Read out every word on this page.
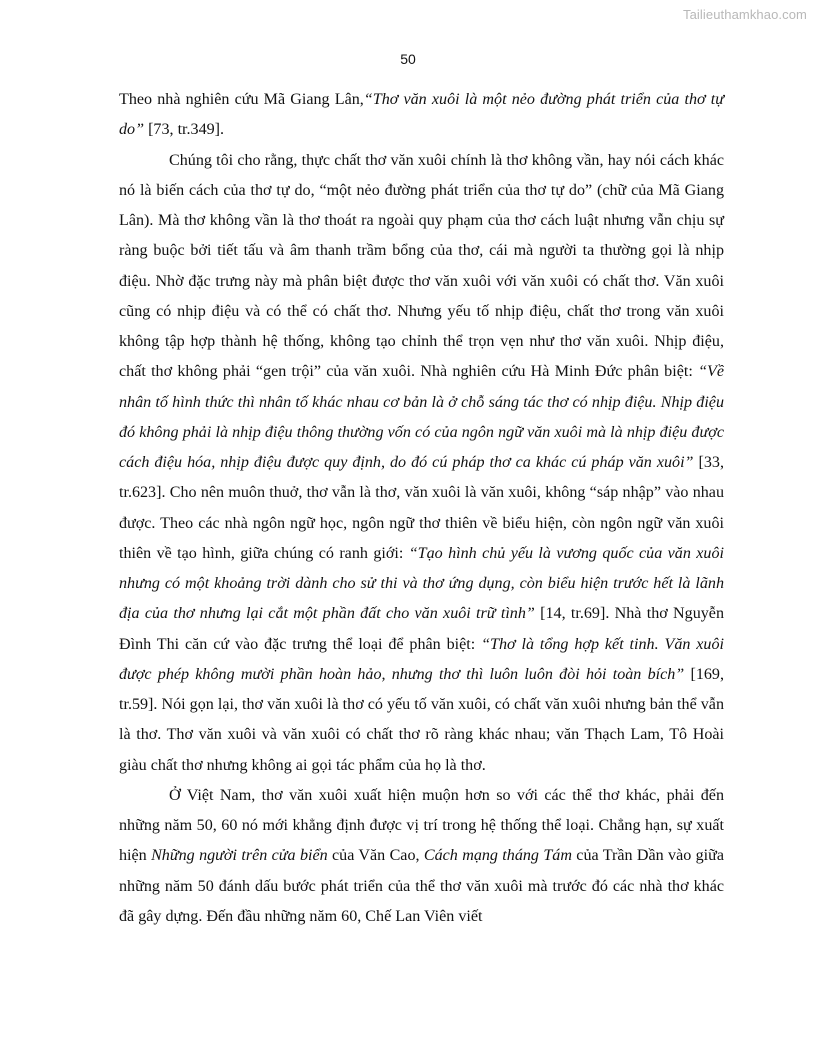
Tailieuthamkhao.com
50

Theo nhà nghiên cứu Mã Giang Lân,“Thơ văn xuôi là một nẻo đường phát triển của thơ tự do” [73, tr.349].

Chúng tôi cho rằng, thực chất thơ văn xuôi chính là thơ không vần, hay nói cách khác nó là biến cách của thơ tự do, “một nẻo đường phát triển của thơ tự do” (chữ của Mã Giang Lân). Mà thơ không vần là thơ thoát ra ngoài quy phạm của thơ cách luật nhưng vẫn chịu sự ràng buộc bởi tiết tấu và âm thanh trầm bổng của thơ, cái mà người ta thường gọi là nhịp điệu. Nhờ đặc trưng này mà phân biệt được thơ văn xuôi với văn xuôi có chất thơ. Văn xuôi cũng có nhịp điệu và có thể có chất thơ. Nhưng yếu tố nhịp điệu, chất thơ trong văn xuôi không tập hợp thành hệ thống, không tạo chỉnh thể trọn vẹn như thơ văn xuôi. Nhịp điệu, chất thơ không phải “gen trội” của văn xuôi. Nhà nghiên cứu Hà Minh Đức phân biệt: “Về nhân tố hình thức thì nhân tố khác nhau cơ bản là ở chỗ sáng tác thơ có nhịp điệu. Nhịp điệu đó không phải là nhịp điệu thông thường vốn có của ngôn ngữ văn xuôi mà là nhịp điệu được cách điệu hóa, nhịp điệu được quy định, do đó cú pháp thơ ca khác cú pháp văn xuôi” [33, tr.623]. Cho nên muôn thuở, thơ vẫn là thơ, văn xuôi là văn xuôi, không “sáp nhập” vào nhau được. Theo các nhà ngôn ngữ học, ngôn ngữ thơ thiên về biểu hiện, còn ngôn ngữ văn xuôi thiên về tạo hình, giữa chúng có ranh giới: “Tạo hình chủ yếu là vương quốc của văn xuôi nhưng có một khoảng trời dành cho sử thi và thơ ứng dụng, còn biểu hiện trước hết là lãnh địa của thơ nhưng lại cắt một phần đất cho văn xuôi trữ tình” [14, tr.69]. Nhà thơ Nguyễn Đình Thi căn cứ vào đặc trưng thể loại để phân biệt: “Thơ là tổng hợp kết tinh. Văn xuôi được phép không mười phần hoàn hảo, nhưng thơ thì luôn luôn đòi hỏi toàn bích” [169, tr.59]. Nói gọn lại, thơ văn xuôi là thơ có yếu tố văn xuôi, có chất văn xuôi nhưng bản thể vẫn là thơ. Thơ văn xuôi và văn xuôi có chất thơ rõ ràng khác nhau; văn Thạch Lam, Tô Hoài giàu chất thơ nhưng không ai gọi tác phẩm của họ là thơ.

Ở Việt Nam, thơ văn xuôi xuất hiện muộn hơn so với các thể thơ khác, phải đến những năm 50, 60 nó mới khẳng định được vị trí trong hệ thống thể loại. Chẳng hạn, sự xuất hiện Những người trên cửa biển của Văn Cao, Cách mạng tháng Tám của Trần Dần vào giữa những năm 50 đánh dấu bước phát triển của thể thơ văn xuôi mà trước đó các nhà thơ khác đã gây dựng. Đến đầu những năm 60, Chế Lan Viên viết
